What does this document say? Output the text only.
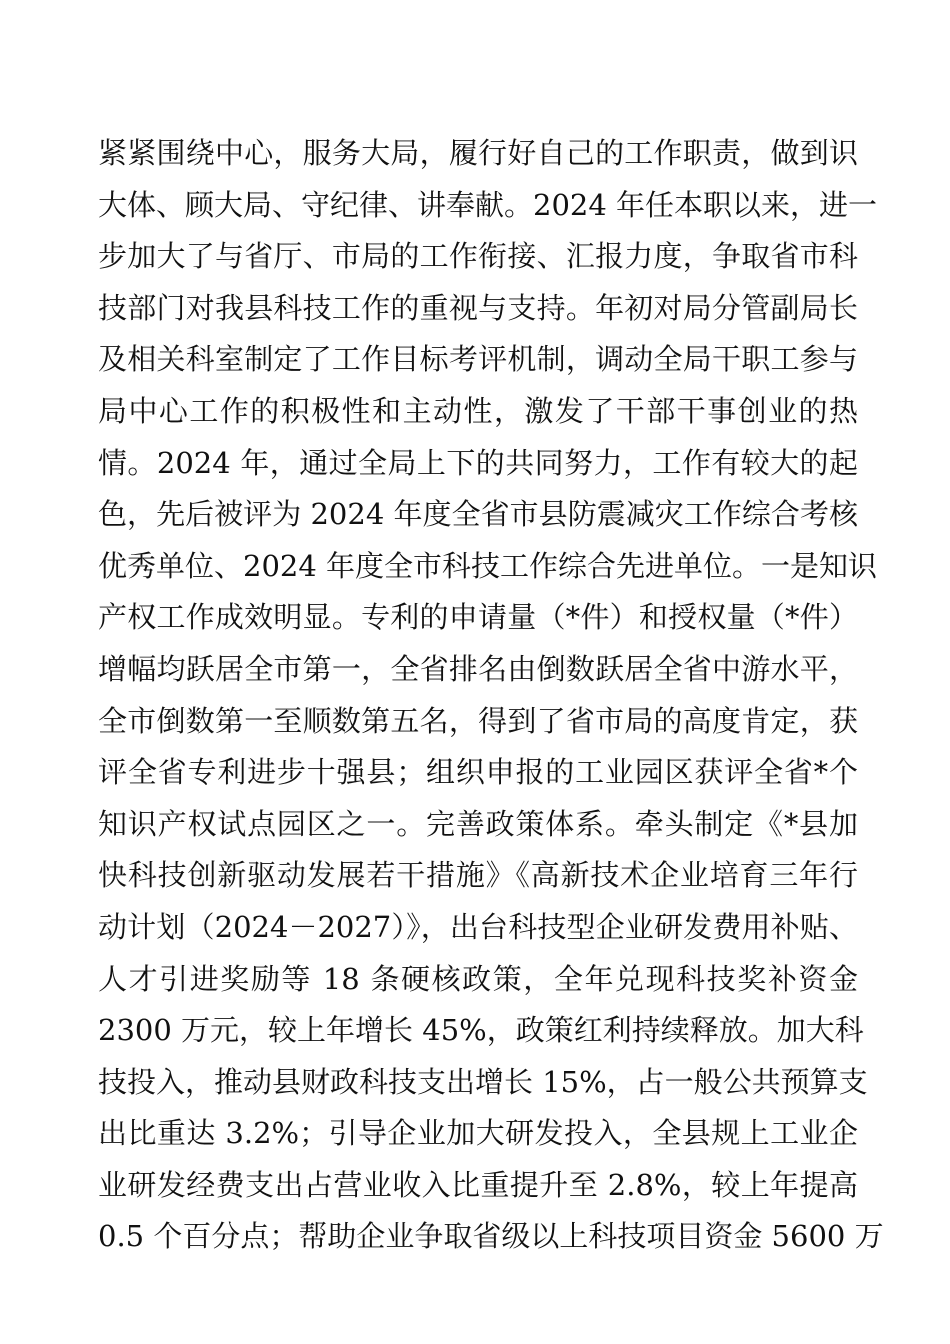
紧紧围绕中心，服务大局，履行好自己的工作职责，做到识
大体、顾大局、守纪律、讲奉献。2024 年任本职以来，进一
步加大了与省厅、市局的工作衔接、汇报力度，争取省市科
技部门对我县科技工作的重视与支持。年初对局分管副局长
及相关科室制定了工作目标考评机制，调动全局干职工参与
局中心工作的积极性和主动性，激发了干部干事创业的热
情。2024 年，通过全局上下的共同努力，工作有较大的起
色，先后被评为 2024 年度全省市县防震减灾工作综合考核
优秀单位、2024 年度全市科技工作综合先进单位。一是知识
产权工作成效明显。专利的申请量（*件）和授权量（*件）
增幅均跃居全市第一，全省排名由倒数跃居全省中游水平，
全市倒数第一至顺数第五名，得到了省市局的高度肯定，获
评全省专利进步十强县；组织申报的工业园区获评全省*个
知识产权试点园区之一。完善政策体系。牵头制定《*县加
快科技创新驱动发展若干措施》《高新技术企业培育三年行
动计划（2024－2027）》，出台科技型企业研发费用补贴、
人才引进奖励等 18 条硬核政策，全年兑现科技奖补资金
2300 万元，较上年增长 45%，政策红利持续释放。加大科
技投入，推动县财政科技支出增长 15%，占一般公共预算支
出比重达 3.2%；引导企业加大研发投入，全县规上工业企
业研发经费支出占营业收入比重提升至 2.8%，较上年提高
0.5 个百分点；帮助企业争取省级以上科技项目资金 5600 万
